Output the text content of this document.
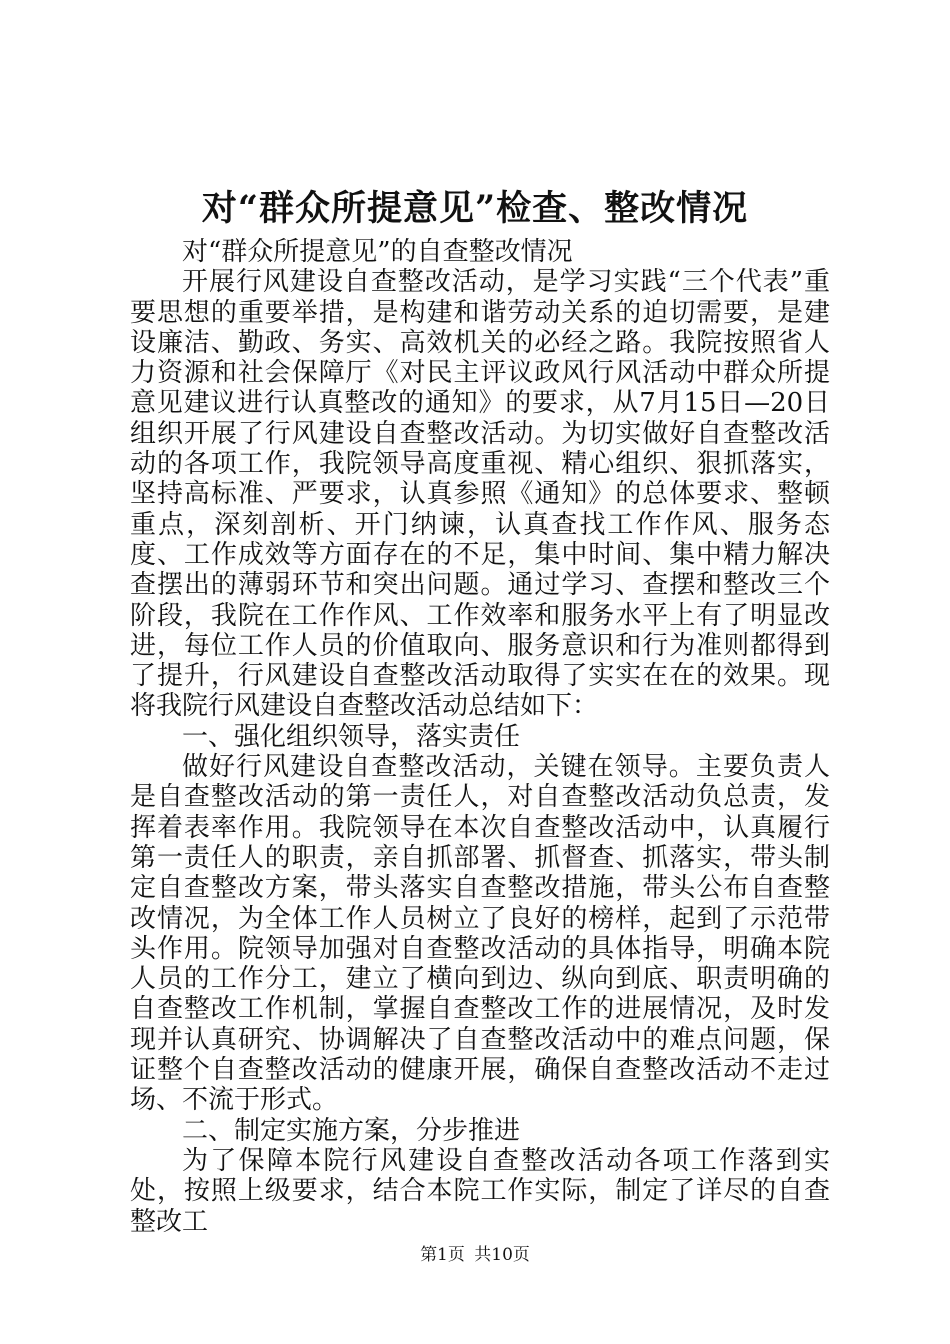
对“群众所提意见”检查、整改情况

对“群众所提意见”的自查整改情况

开展行风建设自查整改活动，是学习实践“三个代表”重要思想的重要举措，是构建和谐劳动关系的迫切需要，是建设廉洁、勤政、务实、高效机关的必经之路。我院按照省人力资源和社会保障厅《对民主评议政风行风活动中群众所提意见建议进行认真整改的通知》的要求，从7月15日—20日组织开展了行风建设自查整改活动。为切实做好自查整改活动的各项工作，我院领导高度重视、精心组织、狠抓落实，坚持高标准、严要求，认真参照《通知》的总体要求、整顿重点，深刻剖析、开门纳谏，认真查找工作作风、服务态度、工作成效等方面存在的不足，集中时间、集中精力解决查摆出的薄弱环节和突出问题。通过学习、查摆和整改三个阶段，我院在工作作风、工作效率和服务水平上有了明显改进，每位工作人员的价值取向、服务意识和行为准则都得到了提升，行风建设自查整改活动取得了实实在在的效果。现将我院行风建设自查整改活动总结如下：

一、强化组织领导，落实责任

做好行风建设自查整改活动，关键在领导。主要负责人是自查整改活动的第一责任人，对自查整改活动负总责，发挥着表率作用。我院领导在本次自查整改活动中，认真履行第一责任人的职责，亲自抓部署、抓督查、抓落实，带头制定自查整改方案，带头落实自查整改措施，带头公布自查整改情况，为全体工作人员树立了良好的榜样，起到了示范带头作用。院领导加强对自查整改活动的具体指导，明确本院人员的工作分工，建立了横向到边、纵向到底、职责明确的自查整改工作机制，掌握自查整改工作的进展情况，及时发现并认真研究、协调解决了自查整改活动中的难点问题，保证整个自查整改活动的健康开展，确保自查整改活动不走过场、不流于形式。

二、制定实施方案，分步推进

为了保障本院行风建设自查整改活动各项工作落到实处，按照上级要求，结合本院工作实际，制定了详尽的自查整改工

第1页 共10页
